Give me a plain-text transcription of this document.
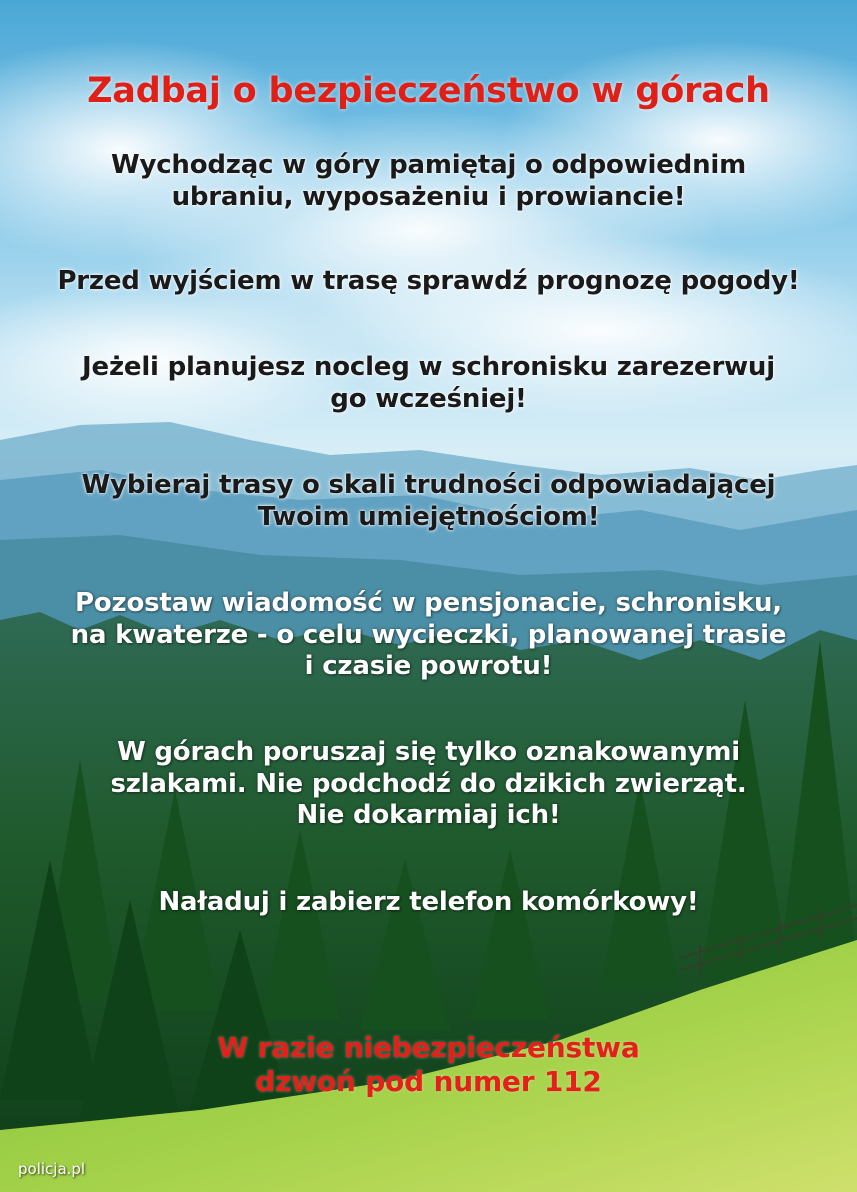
Zadbaj o bezpieczeństwo w górach
Wychodząc w góry pamiętaj o odpowiednim
ubraniu, wyposażeniu i prowiancie!
Przed wyjściem w trasę sprawdź prognozę pogody!
Jeżeli planujesz nocleg w schronisku zarezerwuj
go wcześniej!
Wybieraj trasy o skali trudności odpowiadającej
Twoim umiejętnościom!
Pozostaw wiadomość w pensjonacie, schronisku,
na kwaterze - o celu wycieczki, planowanej trasie
i czasie powrotu!
W górach poruszaj się tylko oznakowanymi
szlakami. Nie podchodź do dzikich zwierząt.
Nie dokarmiaj ich!
Naładuj i zabierz telefon komórkowy!
W razie niebezpieczeństwa
dzwoń pod numer 112
policja.pl
